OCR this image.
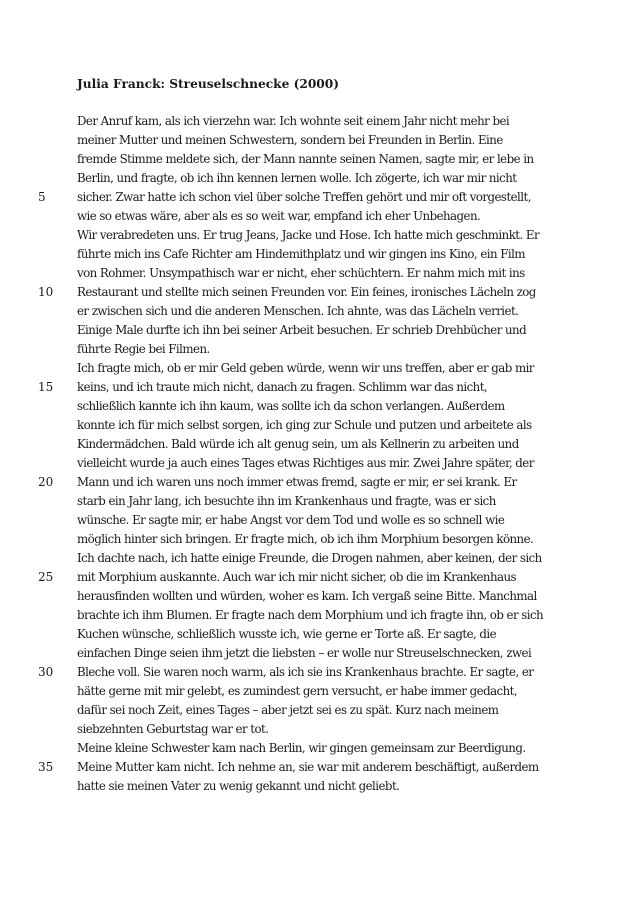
Julia Franck: Streuselschnecke (2000)
Der Anruf kam, als ich vierzehn war. Ich wohnte seit einem Jahr nicht mehr bei
meiner Mutter und meinen Schwestern, sondern bei Freunden in Berlin. Eine
fremde Stimme meldete sich, der Mann nannte seinen Namen, sagte mir, er lebe in
Berlin, und fragte, ob ich ihn kennen lernen wolle. Ich zögerte, ich war mir nicht
5	sicher. Zwar hatte ich schon viel über solche Treffen gehört und mir oft vorgestellt,
wie so etwas wäre, aber als es so weit war, empfand ich eher Unbehagen.
Wir verabredeten uns. Er trug Jeans, Jacke und Hose. Ich hatte mich geschminkt. Er
führte mich ins Cafe Richter am Hindemithplatz und wir gingen ins Kino, ein Film
von Rohmer. Unsympathisch war er nicht, eher schüchtern. Er nahm mich mit ins
10	Restaurant und stellte mich seinen Freunden vor. Ein feines, ironisches Lächeln zog
er zwischen sich und die anderen Menschen. Ich ahnte, was das Lächeln verriet.
Einige Male durfte ich ihn bei seiner Arbeit besuchen. Er schrieb Drehbücher und
führte Regie bei Filmen.
Ich fragte mich, ob er mir Geld geben würde, wenn wir uns treffen, aber er gab mir
15	keins, und ich traute mich nicht, danach zu fragen. Schlimm war das nicht,
schließlich kannte ich ihn kaum, was sollte ich da schon verlangen. Außerdem
konnte ich für mich selbst sorgen, ich ging zur Schule und putzen und arbeitete als
Kindermädchen. Bald würde ich alt genug sein, um als Kellnerin zu arbeiten und
vielleicht wurde ja auch eines Tages etwas Richtiges aus mir. Zwei Jahre später, der
20	Mann und ich waren uns noch immer etwas fremd, sagte er mir, er sei krank. Er
starb ein Jahr lang, ich besuchte ihn im Krankenhaus und fragte, was er sich
wünsche. Er sagte mir, er habe Angst vor dem Tod und wolle es so schnell wie
möglich hinter sich bringen. Er fragte mich, ob ich ihm Morphium besorgen könne.
Ich dachte nach, ich hatte einige Freunde, die Drogen nahmen, aber keinen, der sich
25	mit Morphium auskannte. Auch war ich mir nicht sicher, ob die im Krankenhaus
herausfinden wollten und würden, woher es kam. Ich vergaß seine Bitte. Manchmal
brachte ich ihm Blumen. Er fragte nach dem Morphium und ich fragte ihn, ob er sich
Kuchen wünsche, schließlich wusste ich, wie gerne er Torte aß. Er sagte, die
einfachen Dinge seien ihm jetzt die liebsten – er wolle nur Streuselschnecken, zwei
30	Bleche voll. Sie waren noch warm, als ich sie ins Krankenhaus brachte. Er sagte, er
hätte gerne mit mir gelebt, es zumindest gern versucht, er habe immer gedacht,
dafür sei noch Zeit, eines Tages – aber jetzt sei es zu spät. Kurz nach meinem
siebzehnten Geburtstag war er tot.
Meine kleine Schwester kam nach Berlin, wir gingen gemeinsam zur Beerdigung.
35	Meine Mutter kam nicht. Ich nehme an, sie war mit anderem beschäftigt, außerdem
hatte sie meinen Vater zu wenig gekannt und nicht geliebt.
